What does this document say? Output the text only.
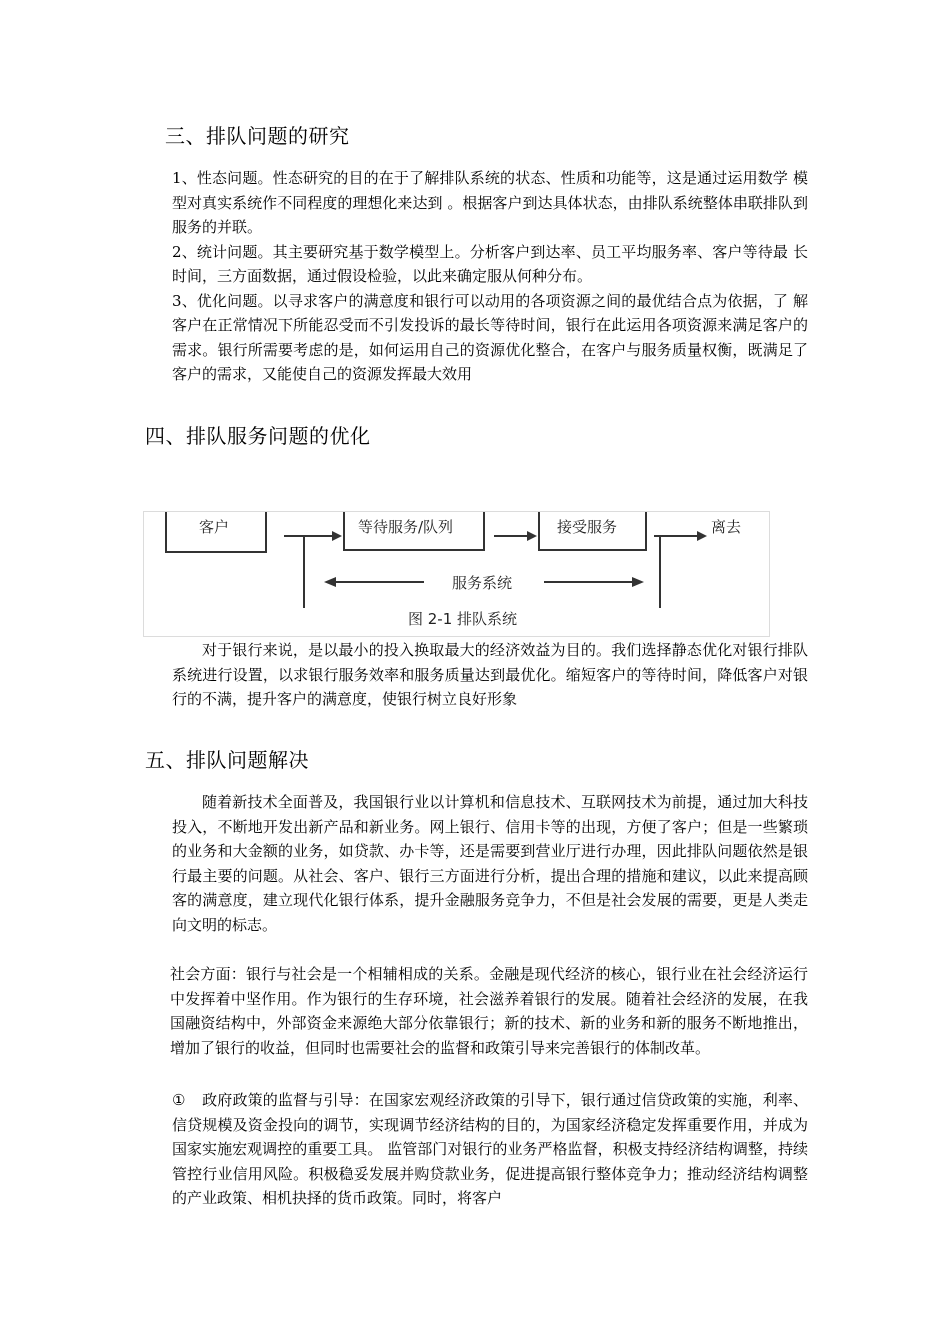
三、排队问题的研究
1、性态问题。性态研究的目的在于了解排队系统的状态、性质和功能等，这是通过运用数学 模型对真实系统作不同程度的理想化来达到 。根据客户到达具体状态，由排队系统整体串联排队到服务的并联。
2、统计问题。其主要研究基于数学模型上。分析客户到达率、员工平均服务率、客户等待最 长时间，三方面数据，通过假设检验，以此来确定服从何种分布。
3、优化问题。以寻求客户的满意度和银行可以动用的各项资源之间的最优结合点为依据，了 解客户在正常情况下所能忍受而不引发投诉的最长等待时间，银行在此运用各项资源来满足客户的需求。银行所需要考虑的是，如何运用自己的资源优化整合，在客户与服务质量权衡，既满足了客户的需求，又能使自己的资源发挥最大效用
四、排队服务问题的优化
客户	等待服务/队列	接受服务	离去
服务系统
图 2-1 排队系统
对于银行来说，是以最小的投入换取最大的经济效益为目的。我们选择静态优化对银行排队系统进行设置，以求银行服务效率和服务质量达到最优化。缩短客户的等待时间，降低客户对银行的不满，提升客户的满意度，使银行树立良好形象
五、排队问题解决
随着新技术全面普及，我国银行业以计算机和信息技术、互联网技术为前提，通过加大科技投入，不断地开发出新产品和新业务。网上银行、信用卡等的出现，方便了客户；但是一些繁琐的业务和大金额的业务，如贷款、办卡等，还是需要到营业厅进行办理，因此排队问题依然是银行最主要的问题。从社会、客户、银行三方面进行分析，提出合理的措施和建议，以此来提高顾客的满意度，建立现代化银行体系，提升金融服务竞争力，不但是社会发展的需要，更是人类走向文明的标志。
社会方面：银行与社会是一个相辅相成的关系。金融是现代经济的核心，银行业在社会经济运行中发挥着中坚作用。作为银行的生存环境，社会滋养着银行的发展。随着社会经济的发展，在我国融资结构中，外部资金来源绝大部分依靠银行；新的技术、新的业务和新的服务不断地推出，增加了银行的收益，但同时也需要社会的监督和政策引导来完善银行的体制改革。
① 政府政策的监督与引导：在国家宏观经济政策的引导下，银行通过信贷政策的实施，利率、信贷规模及资金投向的调节，实现调节经济结构的目的，为国家经济稳定发挥重要作用，并成为国家实施宏观调控的重要工具。 监管部门对银行的业务严格监督，积极支持经济结构调整，持续管控行业信用风险。积极稳妥发展并购贷款业务，促进提高银行整体竞争力；推动经济结构调整的产业政策、相机抉择的货币政策。同时，将客户
